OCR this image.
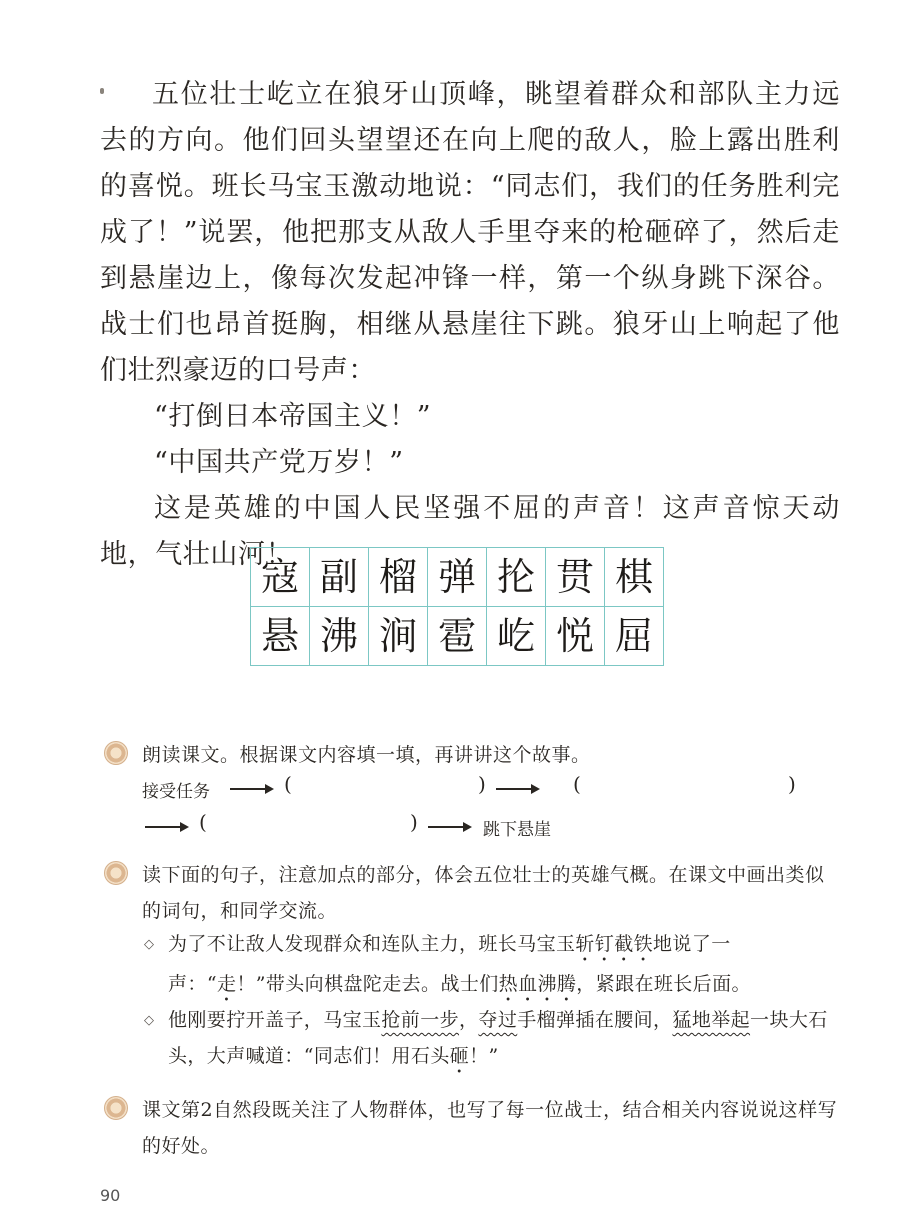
五位壮士屹立在狼牙山顶峰，眺望着群众和部队主力远去的方向。他们回头望望还在向上爬的敌人，脸上露出胜利的喜悦。班长马宝玉激动地说：“同志们，我们的任务胜利完成了！”说罢，他把那支从敌人手里夺来的枪砸碎了，然后走到悬崖边上，像每次发起冲锋一样，第一个纵身跳下深谷。战士们也昂首挺胸，相继从悬崖往下跳。狼牙山上响起了他们壮烈豪迈的口号声：

“打倒日本帝国主义！”

“中国共产党万岁！”

这是英雄的中国人民坚强不屈的声音！这声音惊天动地，气壮山河！

寇	副	榴	弹	抡	贯	棋
悬	沸	涧	雹	屹	悦	屈
朗读课文。根据课文内容填一填，再讲讲这个故事。
接受任务	(	)	(	)
(	)	跳下悬崖
读下面的句子，注意加点的部分，体会五位壮士的英雄气概。在课文中画出类似的词句，和同学交流。
◇ 为了不让敌人发现群众和连队主力，班长马宝玉斩钉截铁地说了一声：“走！”带头向棋盘陀走去。战士们热血沸腾，紧跟在班长后面。
◇ 他刚要拧开盖子，马宝玉抢前一步，夺过手榴弹插在腰间，猛地举起一块大石头，大声喊道：“同志们！用石头砸！”
课文第2自然段既关注了人物群体，也写了每一位战士，结合相关内容说说这样写的好处。
90
